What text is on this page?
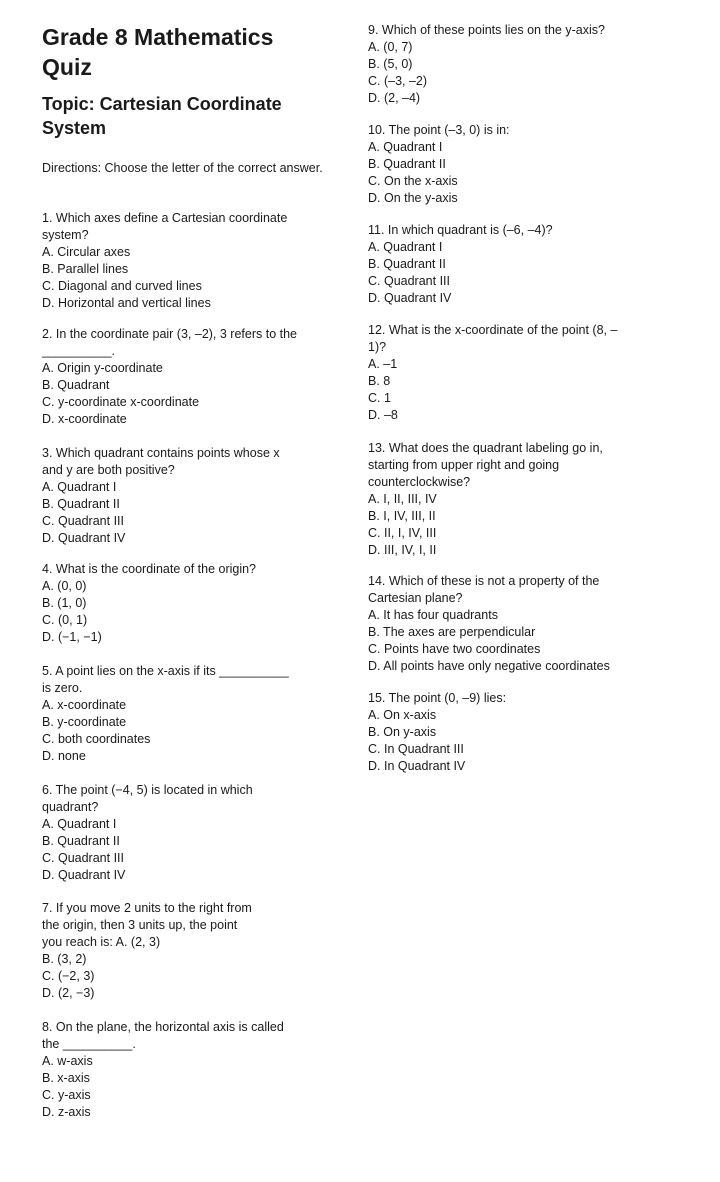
Grade 8 Mathematics Quiz
Topic: Cartesian Coordinate System
Directions: Choose the letter of the correct answer.
1. Which axes define a Cartesian coordinate
system?
A. Circular axes
B. Parallel lines
C. Diagonal and curved lines
D. Horizontal and vertical lines
2. In the coordinate pair (3, –2), 3 refers to the
__________.
A. Origin y-coordinate
B. Quadrant
C. y-coordinate x-coordinate
D. x-coordinate
3. Which quadrant contains points whose x
and y are both positive?
A. Quadrant I
B. Quadrant II
C. Quadrant III
D. Quadrant IV
4. What is the coordinate of the origin?
A. (0, 0)
B. (1, 0)
C. (0, 1)
D. (−1, −1)
5. A point lies on the x-axis if its __________
is zero.
A. x-coordinate
B. y-coordinate
C. both coordinates
D. none
6. The point (−4, 5) is located in which
quadrant?
A. Quadrant I
B. Quadrant II
C. Quadrant III
D. Quadrant IV
7. If you move 2 units to the right from
the origin, then 3 units up, the point
you reach is: A. (2, 3)
B. (3, 2)
C. (−2, 3)
D. (2, −3)
8. On the plane, the horizontal axis is called
the __________.
A. w-axis
B. x-axis
C. y-axis
D. z-axis
9. Which of these points lies on the y-axis?
A. (0, 7)
B. (5, 0)
C. (–3, –2)
D. (2, –4)
10. The point (–3, 0) is in:
A. Quadrant I
B. Quadrant II
C. On the x-axis
D. On the y-axis
11. In which quadrant is (–6, –4)?
A. Quadrant I
B. Quadrant II
C. Quadrant III
D. Quadrant IV
12. What is the x-coordinate of the point (8, –
1)?
A. –1
B. 8
C. 1
D. –8
13. What does the quadrant labeling go in,
starting from upper right and going
counterclockwise?
A. I, II, III, IV
B. I, IV, III, II
C. II, I, IV, III
D. III, IV, I, II
14. Which of these is not a property of the
Cartesian plane?
A. It has four quadrants
B. The axes are perpendicular
C. Points have two coordinates
D. All points have only negative coordinates
15. The point (0, –9) lies:
A. On x-axis
B. On y-axis
C. In Quadrant III
D. In Quadrant IV
